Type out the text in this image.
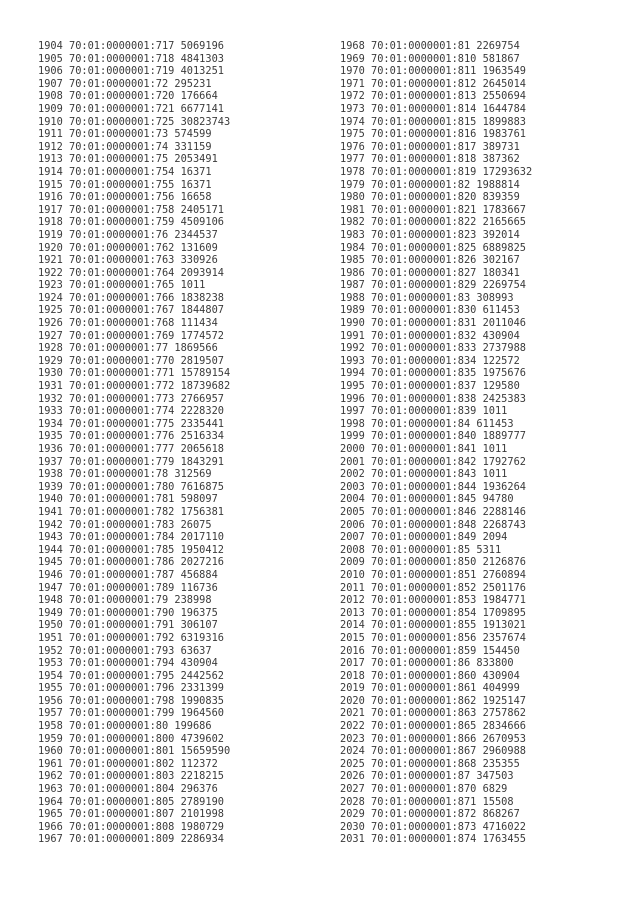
1904 70:01:0000001:717 5069196
1905 70:01:0000001:718 4841303
1906 70:01:0000001:719 4013251
1907 70:01:0000001:72 295231
1908 70:01:0000001:720 176664
1909 70:01:0000001:721 6677141
1910 70:01:0000001:725 30823743
1911 70:01:0000001:73 574599
1912 70:01:0000001:74 331159
1913 70:01:0000001:75 2053491
1914 70:01:0000001:754 16371
1915 70:01:0000001:755 16371
1916 70:01:0000001:756 16658
1917 70:01:0000001:758 2405171
1918 70:01:0000001:759 4509106
1919 70:01:0000001:76 2344537
1920 70:01:0000001:762 131609
1921 70:01:0000001:763 330926
1922 70:01:0000001:764 2093914
1923 70:01:0000001:765 1011
1924 70:01:0000001:766 1838238
1925 70:01:0000001:767 1844807
1926 70:01:0000001:768 111434
1927 70:01:0000001:769 1774572
1928 70:01:0000001:77 1869566
1929 70:01:0000001:770 2819507
1930 70:01:0000001:771 15789154
1931 70:01:0000001:772 18739682
1932 70:01:0000001:773 2766957
1933 70:01:0000001:774 2228320
1934 70:01:0000001:775 2335441
1935 70:01:0000001:776 2516334
1936 70:01:0000001:777 2065618
1937 70:01:0000001:779 1843291
1938 70:01:0000001:78 312569
1939 70:01:0000001:780 7616875
1940 70:01:0000001:781 598097
1941 70:01:0000001:782 1756381
1942 70:01:0000001:783 26075
1943 70:01:0000001:784 2017110
1944 70:01:0000001:785 1950412
1945 70:01:0000001:786 2027216
1946 70:01:0000001:787 456884
1947 70:01:0000001:789 116736
1948 70:01:0000001:79 238998
1949 70:01:0000001:790 196375
1950 70:01:0000001:791 306107
1951 70:01:0000001:792 6319316
1952 70:01:0000001:793 63637
1953 70:01:0000001:794 430904
1954 70:01:0000001:795 2442562
1955 70:01:0000001:796 2331399
1956 70:01:0000001:798 1990835
1957 70:01:0000001:799 1964560
1958 70:01:0000001:80 199686
1959 70:01:0000001:800 4739602
1960 70:01:0000001:801 15659590
1961 70:01:0000001:802 112372
1962 70:01:0000001:803 2218215
1963 70:01:0000001:804 296376
1964 70:01:0000001:805 2789190
1965 70:01:0000001:807 2101998
1966 70:01:0000001:808 1980729
1967 70:01:0000001:809 2286934
1968 70:01:0000001:81 2269754
1969 70:01:0000001:810 581867
1970 70:01:0000001:811 1963549
1971 70:01:0000001:812 2645014
1972 70:01:0000001:813 2550694
1973 70:01:0000001:814 1644784
1974 70:01:0000001:815 1899883
1975 70:01:0000001:816 1983761
1976 70:01:0000001:817 389731
1977 70:01:0000001:818 387362
1978 70:01:0000001:819 17293632
1979 70:01:0000001:82 1988814
1980 70:01:0000001:820 839359
1981 70:01:0000001:821 1783667
1982 70:01:0000001:822 2165665
1983 70:01:0000001:823 392014
1984 70:01:0000001:825 6889825
1985 70:01:0000001:826 302167
1986 70:01:0000001:827 180341
1987 70:01:0000001:829 2269754
1988 70:01:0000001:83 308993
1989 70:01:0000001:830 611453
1990 70:01:0000001:831 2011046
1991 70:01:0000001:832 430904
1992 70:01:0000001:833 2737988
1993 70:01:0000001:834 122572
1994 70:01:0000001:835 1975676
1995 70:01:0000001:837 129580
1996 70:01:0000001:838 2425383
1997 70:01:0000001:839 1011
1998 70:01:0000001:84 611453
1999 70:01:0000001:840 1889777
2000 70:01:0000001:841 1011
2001 70:01:0000001:842 1792762
2002 70:01:0000001:843 1011
2003 70:01:0000001:844 1936264
2004 70:01:0000001:845 94780
2005 70:01:0000001:846 2288146
2006 70:01:0000001:848 2268743
2007 70:01:0000001:849 2094
2008 70:01:0000001:85 5311
2009 70:01:0000001:850 2126876
2010 70:01:0000001:851 2760894
2011 70:01:0000001:852 2501176
2012 70:01:0000001:853 1984771
2013 70:01:0000001:854 1709895
2014 70:01:0000001:855 1913021
2015 70:01:0000001:856 2357674
2016 70:01:0000001:859 154450
2017 70:01:0000001:86 833800
2018 70:01:0000001:860 430904
2019 70:01:0000001:861 404999
2020 70:01:0000001:862 1925147
2021 70:01:0000001:863 2757862
2022 70:01:0000001:865 2834666
2023 70:01:0000001:866 2670953
2024 70:01:0000001:867 2960988
2025 70:01:0000001:868 235355
2026 70:01:0000001:87 347503
2027 70:01:0000001:870 6829
2028 70:01:0000001:871 15508
2029 70:01:0000001:872 868267
2030 70:01:0000001:873 4716022
2031 70:01:0000001:874 1763455
